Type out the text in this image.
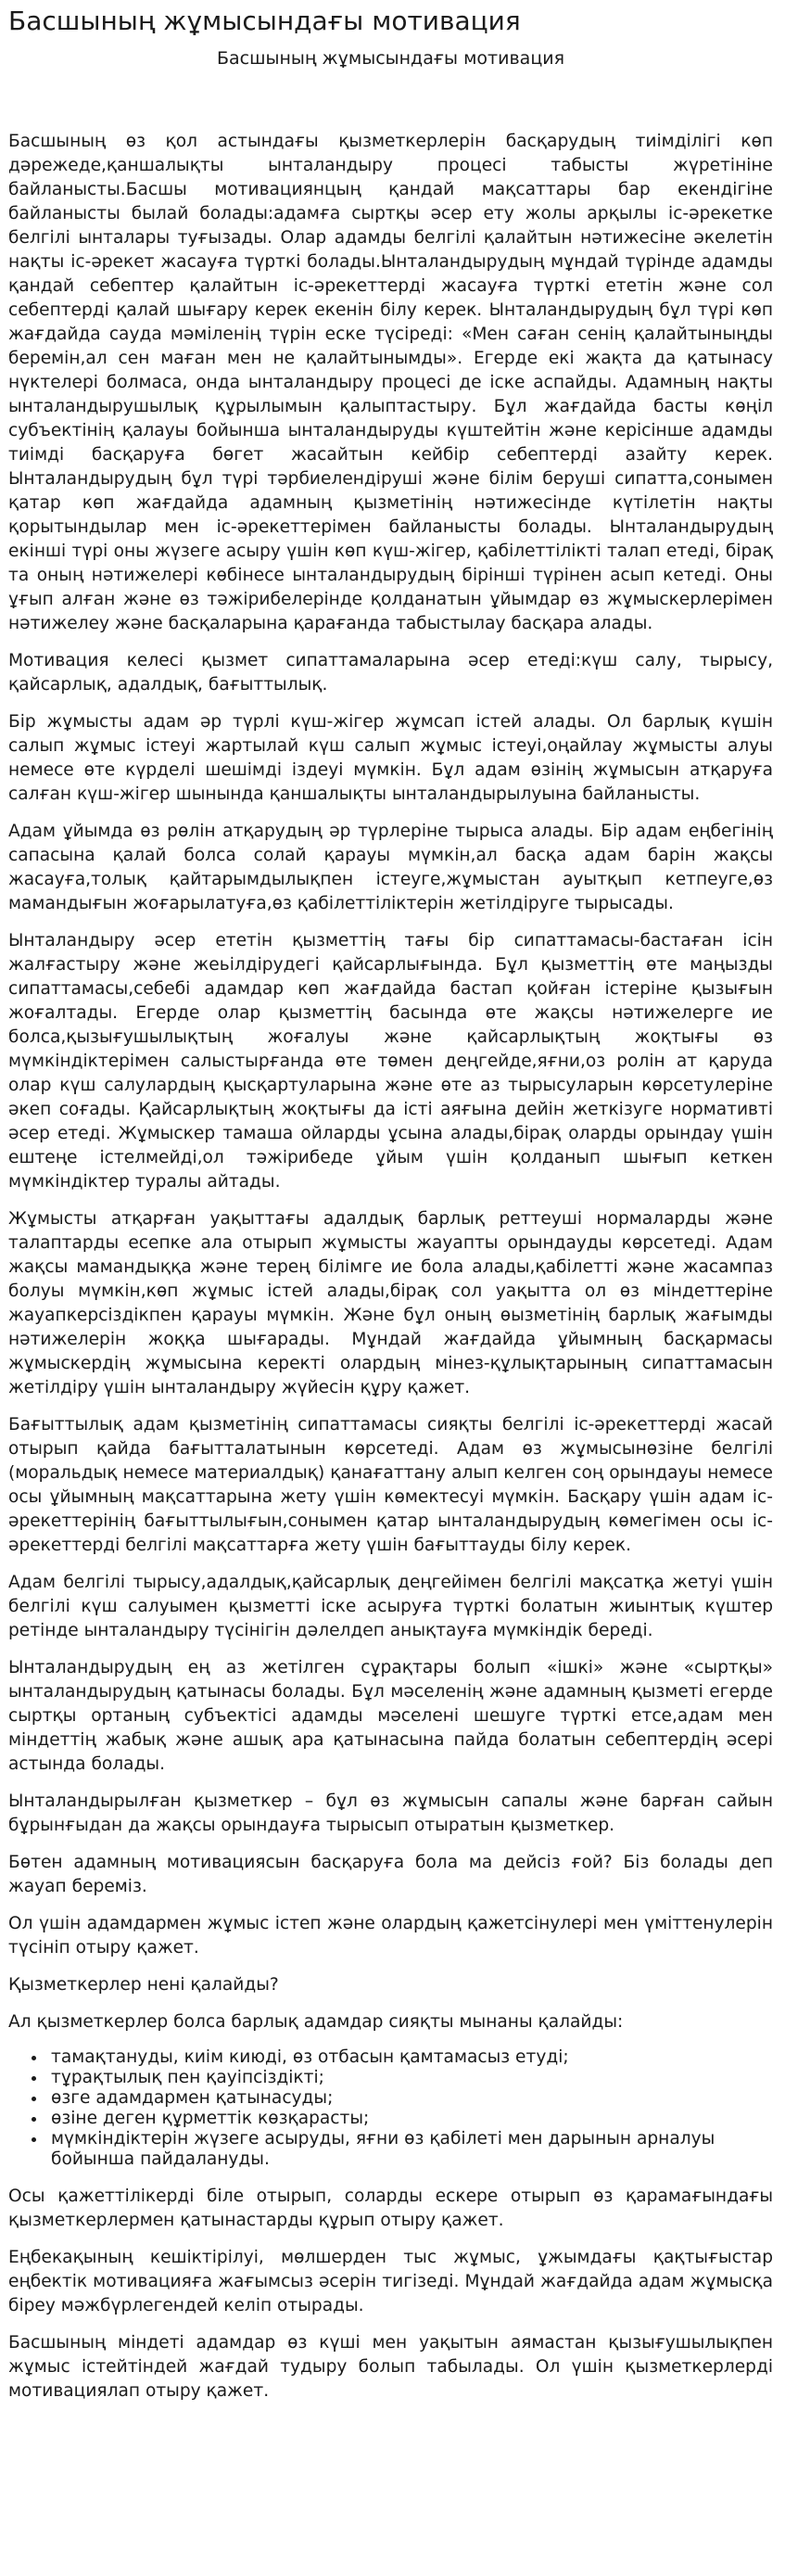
Басшының жұмысындағы мотивация
Басшының жұмысындағы мотивация

Басшының өз қол астындағы қызметкерлерін басқарудың тиімділігі көп дәрежеде,қаншалықты ынталандыру процесі табысты жүретініне байланысты.Басшы мотивациянцың қандай мақсаттары бар екендігіне байланысты былай болады:адамға сыртқы әсер ету жолы арқылы іс-әрекетке белгілі ынталары туғызады. Олар адамды белгілі қалайтын нәтижесіне әкелетін нақты іс-әрекет жасауға түрткі болады.Ынталандырудың мұндай түрінде адамды қандай себептер қалайтын іс-әрекеттерді жасауға түрткі ететін және сол себептерді қалай шығару керек екенін білу керек. Ынталандырудың бұл түрі көп жағдайда сауда мәміленің түрін еске түсіреді: «Мен саған сенің қалайтыныңды беремін,ал сен маған мен не қалайтынымды». Егерде екі жақта да қатынасу нүктелері болмаса, онда ынталандыру процесі де іске аспайды. Адамның нақты ынталандырушылық құрылымын қалыптастыру. Бұл жағдайда басты көңіл субъектінің қалауы бойынша ынталандыруды күштейтін және керісінше адамды тиімді басқаруға бөгет жасайтын кейбір себептерді азайту керек. Ынталандырудың бұл түрі тәрбиелендіруші және білім беруші сипатта,сонымен қатар көп жағдайда адамның қызметінің нәтижесінде күтілетін нақты қорытындылар мен іс-әрекеттерімен байланысты болады. Ынталандырудың екінші түрі оны жүзеге асыру үшін көп күш-жігер, қабілеттілікті талап етеді, бірақ та оның нәтижелері көбінесе ынталандырудың бірінші түрінен асып кетеді. Оны ұғып алған және өз тәжірибелерінде қолданатын ұйымдар өз жұмыскерлерімен нәтижелеу және басқаларына қарағанда табыстылау басқара алады.

Мотивация келесі қызмет сипаттамаларына әсер етеді:күш салу, тырысу, қайсарлық, адалдық, бағыттылық.

Бір жұмысты адам әр түрлі күш-жігер жұмсап істей алады. Ол барлық күшін салып жұмыс істеуі жартылай күш салып жұмыс істеуі,оңайлау жұмысты алуы немесе өте күрделі шешімді іздеуі мүмкін. Бұл адам өзінің жұмысын атқаруға салған күш-жігер шынында қаншалықты ынталандырылуына байланысты.

Адам ұйымда өз рөлін атқарудың әр түрлеріне тырыса алады. Бір адам еңбегінің сапасына қалай болса солай қарауы мүмкін,ал басқа адам барін жақсы жасауға,толық қайтарымдылықпен істеуге,жұмыстан ауытқып кетпеуге,өз мамандығын жоғарылатуға,өз қабілеттіліктерін жетілдіруге тырысады.

Ынталандыру әсер ететін қызметтің тағы бір сипаттамасы-бастаған ісін жалғастыру және жеьілдірудегі қайсарлығында. Бұл қызметтің өте маңызды сипаттамасы,себебі адамдар көп жағдайда бастап қойған істеріне қызығын жоғалтады. Егерде олар қызметтің басында өте жақсы нәтижелерге ие болса,қызығушылықтың жоғалуы және қайсарлықтың жоқтығы өз мүмкіндіктерімен салыстырғанда өте төмен деңгейде,яғни,оз ролін ат қаруда олар күш салулардың қысқартуларына және өте аз тырысуларын көрсетулеріне әкеп соғады. Қайсарлықтың жоқтығы да істі аяғына дейін жеткізуге нормативті әсер етеді. Жұмыскер тамаша ойларды ұсына алады,бірақ оларды орындау үшін ештеңе істелмейді,ол тәжірибеде ұйым үшін қолданып шығып кеткен мүмкіндіктер туралы айтады.

Жұмысты атқарған уақыттағы адалдық барлық реттеуші нормаларды және талаптарды есепке ала отырып жұмысты жауапты орындауды көрсетеді. Адам жақсы мамандыққа және терең білімге ие бола алады,қабілетті және жасампаз болуы мүмкін,көп жұмыс істей алады,бірақ сол уақытта ол өз міндеттеріне жауапкерсіздікпен қарауы мүмкін. Және бұл оның өызметінің барлық жағымды нәтижелерін жоққа шығарады. Мұндай жағдайда ұйымның басқармасы жұмыскердің жұмысына керекті олардың мінез-құлықтарының сипаттамасын жетілдіру үшін ынталандыру жүйесін құру қажет.

Бағыттылық адам қызметінің сипаттамасы сияқты белгілі іс-әрекеттерді жасай отырып қайда бағытталатынын көрсетеді. Адам өз жұмысынөзіне белгілі (моральдық немесе материалдық) қанағаттану алып келген соң орындауы немесе осы ұйымның мақсаттарына жету үшін көмектесуі мүмкін. Басқару үшін адам іс-әрекеттерінің бағыттылығын,сонымен қатар ынталандырудың көмегімен осы іс-әрекеттерді белгілі мақсаттарға жету үшін бағыттауды білу керек.

Адам белгілі тырысу,адалдық,қайсарлық деңгейімен белгілі мақсатқа жетуі үшін белгілі күш салуымен қызметті іске асыруға түрткі болатын жиынтық күштер ретінде ынталандыру түсінігін дәлелдеп анықтауға мүмкіндік береді.

Ынталандырудың ең аз жетілген сұрақтары болып «ішкі» және «сыртқы» ынталандырудың қатынасы болады. Бұл мәселенің және адамның қызметі егерде сыртқы ортаның субъектісі адамды мәселені шешуге түрткі етсе,адам мен міндеттің жабық және ашық ара қатынасына пайда болатын себептердің әсері астында болады.

Ынталандырылған қызметкер – бұл өз жұмысын сапалы және барған сайын бұрынғыдан да жақсы орындауға тырысып отыратын қызметкер.

Бөтен адамның мотивациясын басқаруға бола ма дейсіз ғой? Біз болады деп жауап береміз.

Ол үшін адамдармен жұмыс істеп және олардың қажетсінулері мен үміттенулерін түсініп отыру қажет.

Қызметкерлер нені қалайды?

Ал қызметкерлер болса барлық адамдар сияқты мынаны қалайды:

• тамақтануды, киім киюді, өз отбасын қамтамасыз етуді;
• тұрақтылық пен қауіпсіздікті;
• өзге адамдармен қатынасуды;
• өзіне деген құрметтік көзқарасты;
• мүмкіндіктерін жүзеге асыруды, яғни өз қабілеті мен дарынын арналуы бойынша пайдалануды.

Осы қажеттілікерді біле отырып, соларды ескере отырып өз қарамағындағы қызметкерлермен қатынастарды құрып отыру қажет.

Еңбекақының кешіктірілуі, мөлшерден тыс жұмыс, ұжымдағы қақтығыстар еңбектік мотивацияға жағымсыз әсерін тигізеді. Мұндай жағдайда адам жұмысқа біреу мәжбүрлегендей келіп отырады.

Басшының міндеті адамдар өз күші мен уақытын аямастан қызығушылықпен жұмыс істейтіндей жағдай тудыру болып табылады. Ол үшін қызметкерлерді мотивациялап отыру қажет.
